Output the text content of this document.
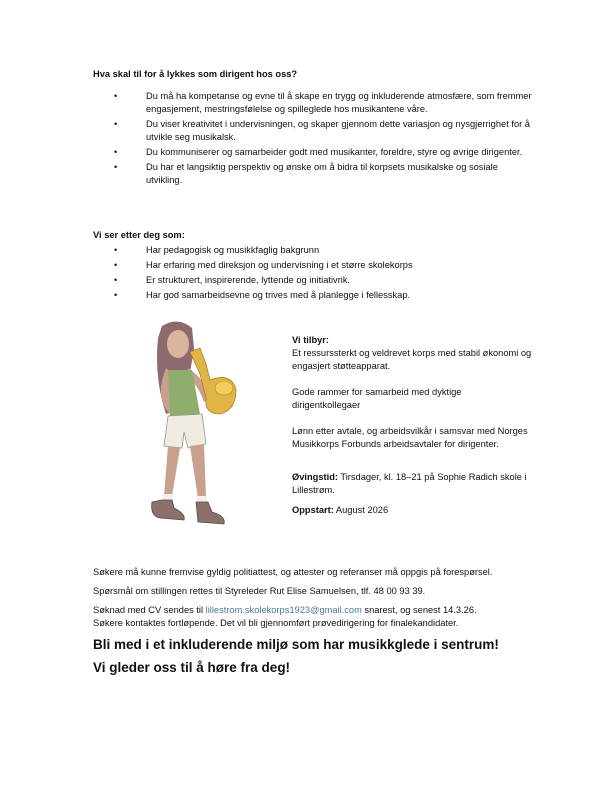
Hva skal til for å lykkes som dirigent hos oss?
•	Du må ha kompetanse og evne til å skape en trygg og inkluderende atmosfære, som fremmer engasjement, mestringsfølelse og spilleglede hos musikantene våre.
•	Du viser kreativitet i undervisningen, og skaper gjennom dette variasjon og nysgjerrighet for å utvikle seg musikalsk.
•	Du kommuniserer og samarbeider godt med musikanter, foreldre, styre og øvrige dirigenter.
•	Du har et langsiktig perspektiv og ønske om å bidra til korpsets musikalske og sosiale utvikling.
Vi ser etter deg som:
•	Har pedagogisk og musikkfaglig bakgrunn
•	Har erfaring med direksjon og undervisning i et større skolekorps
•	Er strukturert, inspirerende, lyttende og initiativrik.
•	Har god samarbeidsevne og trives med å planlegge i fellesskap.

Vi tilbyr:

Et ressurssterkt og veldrevet korps med stabil økonomi og engasjert støtteapparat.

Gode rammer for samarbeid med dyktige dirigentkollegaer

Lønn etter avtale, og arbeidsvilkår i samsvar med Norges Musikkorps Forbunds arbeidsavtaler for dirigenter.

Øvingstid: Tirsdager, kl. 18–21 på Sophie Radich skole i Lillestrøm.

Oppstart: August 2026

Søkere må kunne fremvise gyldig politiattest, og attester og referanser må oppgis på forespørsel.

Spørsmål om stillingen rettes til Styreleder Rut Elise Samuelsen, tlf. 48 00 93 39.

Søknad med CV sendes til lillestrom.skolekorps1923@gmail.com snarest, og senest 14.3.26.

Søkere kontaktes fortløpende. Det vil bli gjennomført prøvedirigering for finalekandidater.

Bli med i et inkluderende miljø som har musikkglede i sentrum!
Vi gleder oss til å høre fra deg!
